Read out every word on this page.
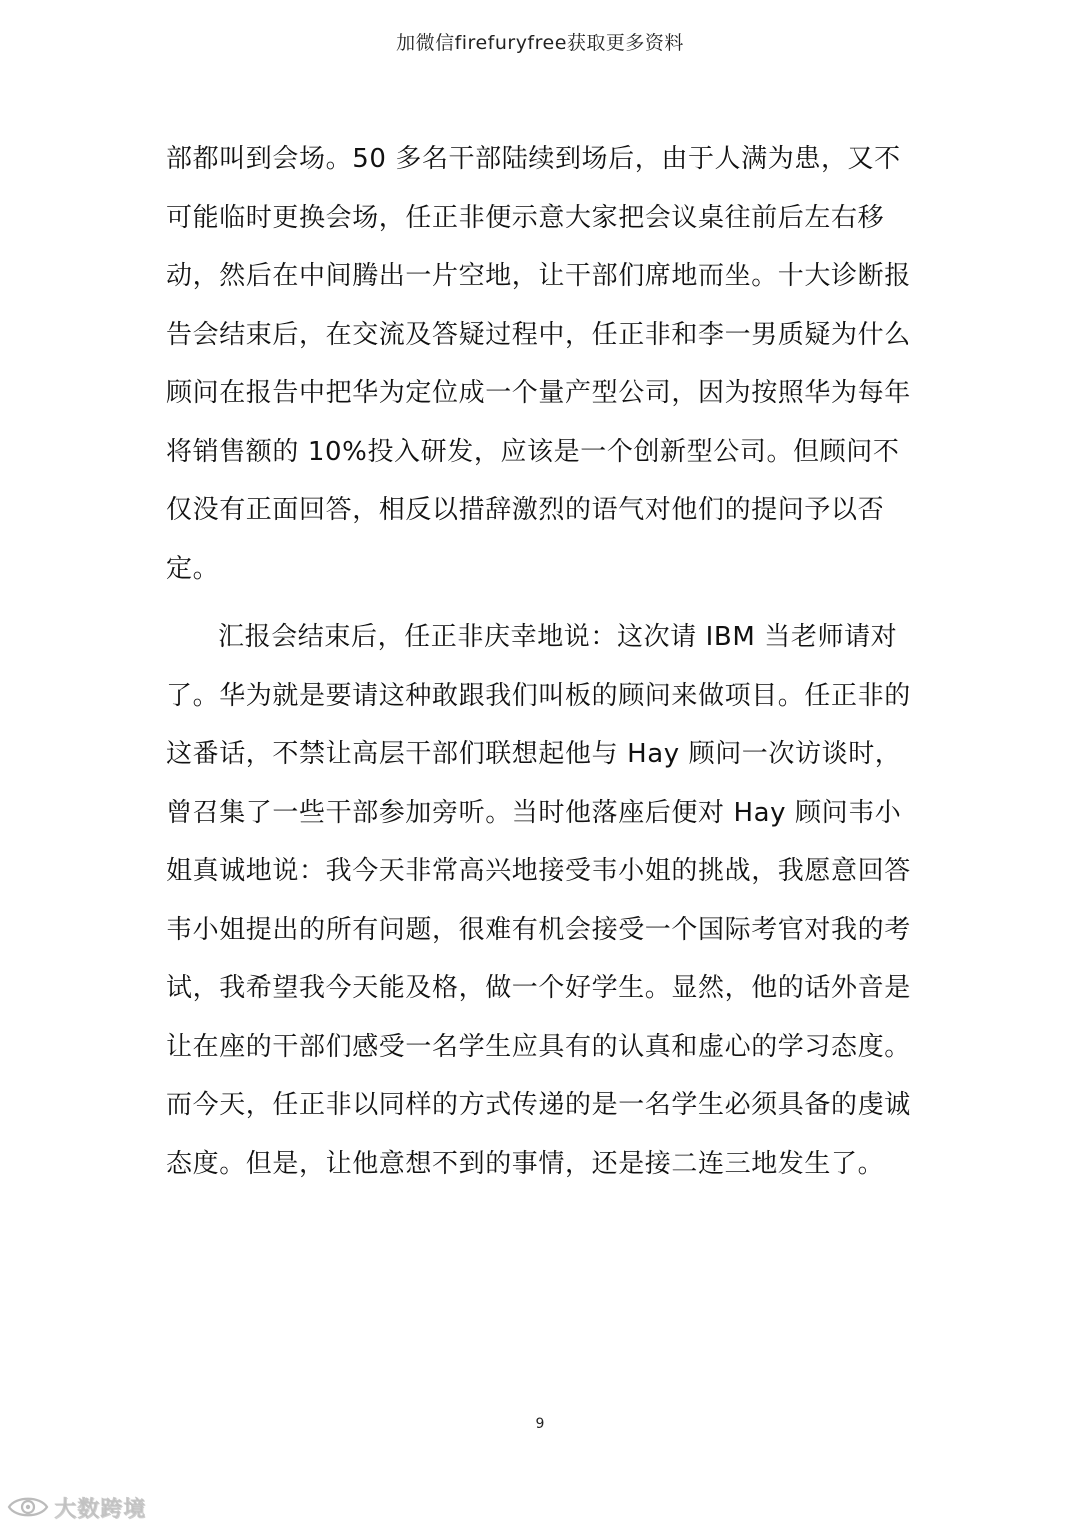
加微信firefuryfree获取更多资料
部都叫到会场。50 多名干部陆续到场后，由于人满为患，又不
可能临时更换会场，任正非便示意大家把会议桌往前后左右移
动，然后在中间腾出一片空地，让干部们席地而坐。十大诊断报
告会结束后，在交流及答疑过程中，任正非和李一男质疑为什么
顾问在报告中把华为定位成一个量产型公司，因为按照华为每年
将销售额的 10%投入研发，应该是一个创新型公司。但顾问不
仅没有正面回答，相反以措辞激烈的语气对他们的提问予以否
定。
汇报会结束后，任正非庆幸地说：这次请 IBM 当老师请对
了。华为就是要请这种敢跟我们叫板的顾问来做项目。任正非的
这番话，不禁让高层干部们联想起他与 Hay 顾问一次访谈时，
曾召集了一些干部参加旁听。当时他落座后便对 Hay 顾问韦小
姐真诚地说：我今天非常高兴地接受韦小姐的挑战，我愿意回答
韦小姐提出的所有问题，很难有机会接受一个国际考官对我的考
试，我希望我今天能及格，做一个好学生。显然，他的话外音是
让在座的干部们感受一名学生应具有的认真和虚心的学习态度。
而今天，任正非以同样的方式传递的是一名学生必须具备的虔诚
态度。但是，让他意想不到的事情，还是接二连三地发生了。
9
大数跨境
